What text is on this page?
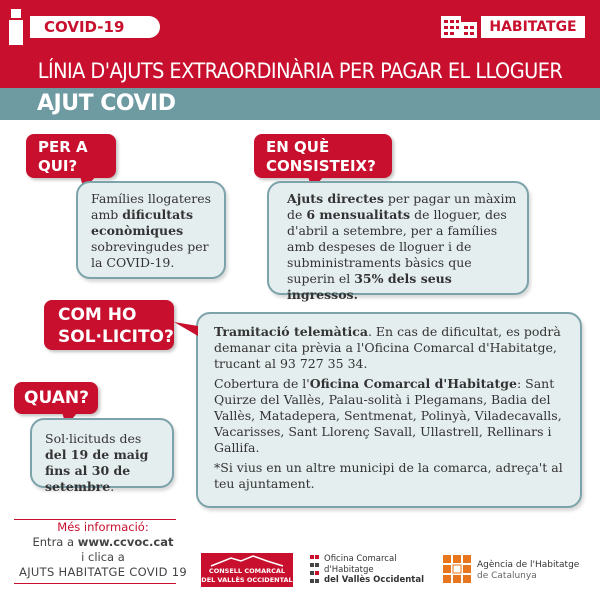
COVID-19	HABITATGE
LÍNIA D'AJUTS EXTRAORDINÀRIA PER PAGAR EL LLOGUER
AJUT COVID
PER A
QUI?
Famílies llogateres amb dificultats econòmiques sobrevingudes per la COVID-19.
EN QUÈ
CONSISTEIX?
Ajuts directes per pagar un màxim de 6 mensualitats de lloguer, des d'abril a setembre, per a famílies amb despeses de lloguer i de subministraments bàsics que superin el 35% dels seus ingressos.
COM HO
SOL·LICITO?	Tramitació telemàtica. En cas de dificultat, es podrà demanar cita prèvia a l'Oficina Comarcal d'Habitatge, trucant al 93 727 35 34.
Cobertura de l'Oficina Comarcal d'Habitatge: Sant Quirze del Vallès, Palau-solità i Plegamans, Badia del Vallès, Matadepera, Sentmenat, Polinyà, Viladecavalls, Vacarisses, Sant Llorenç Savall, Ullastrell, Rellinars i Gallifa.
*Si vius en un altre municipi de la comarca, adreça't al teu ajuntament.
QUAN?
Sol·licituds des del 19 de maig fins al 30 de setembre.
Més informació:
Entra a www.ccvoc.cat
i clica a
AJUTS HABITATGE COVID 19	CONSELL COMARCAL
DEL VALLÈS OCCIDENTAL
Oficina Comarcal
d'Habitatge
del Vallès Occidental
Agència de l'Habitatge
de Catalunya
